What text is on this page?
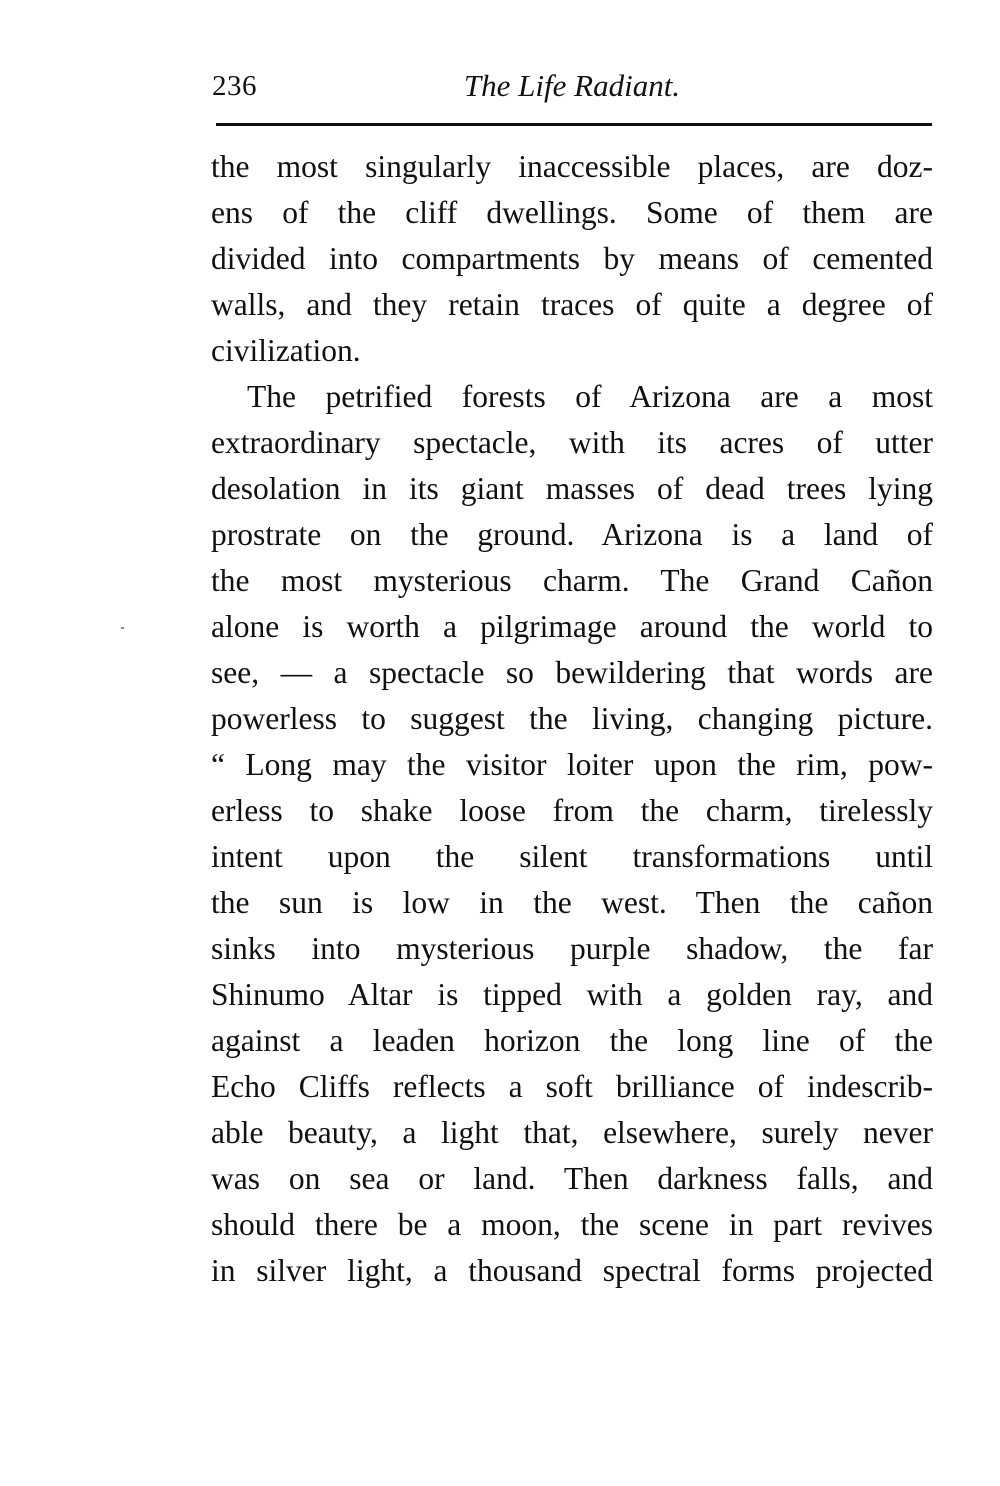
236	The Life Radiant.
the most singularly inaccessible places, are doz-
ens of the cliff dwellings. Some of them are
divided into compartments by means of cemented
walls, and they retain traces of quite a degree of
civilization.
The petrified forests of Arizona are a most
extraordinary spectacle, with its acres of utter
desolation in its giant masses of dead trees lying
prostrate on the ground. Arizona is a land of
the most mysterious charm. The Grand Cañon
alone is worth a pilgrimage around the world to
see, — a spectacle so bewildering that words are
powerless to suggest the living, changing picture.
“ Long may the visitor loiter upon the rim, pow-
erless to shake loose from the charm, tirelessly
intent upon the silent transformations until
the sun is low in the west. Then the cañon
sinks into mysterious purple shadow, the far
Shinumo Altar is tipped with a golden ray, and
against a leaden horizon the long line of the
Echo Cliffs reflects a soft brilliance of indescrib-
able beauty, a light that, elsewhere, surely never
was on sea or land. Then darkness falls, and
should there be a moon, the scene in part revives
in silver light, a thousand spectral forms projected
